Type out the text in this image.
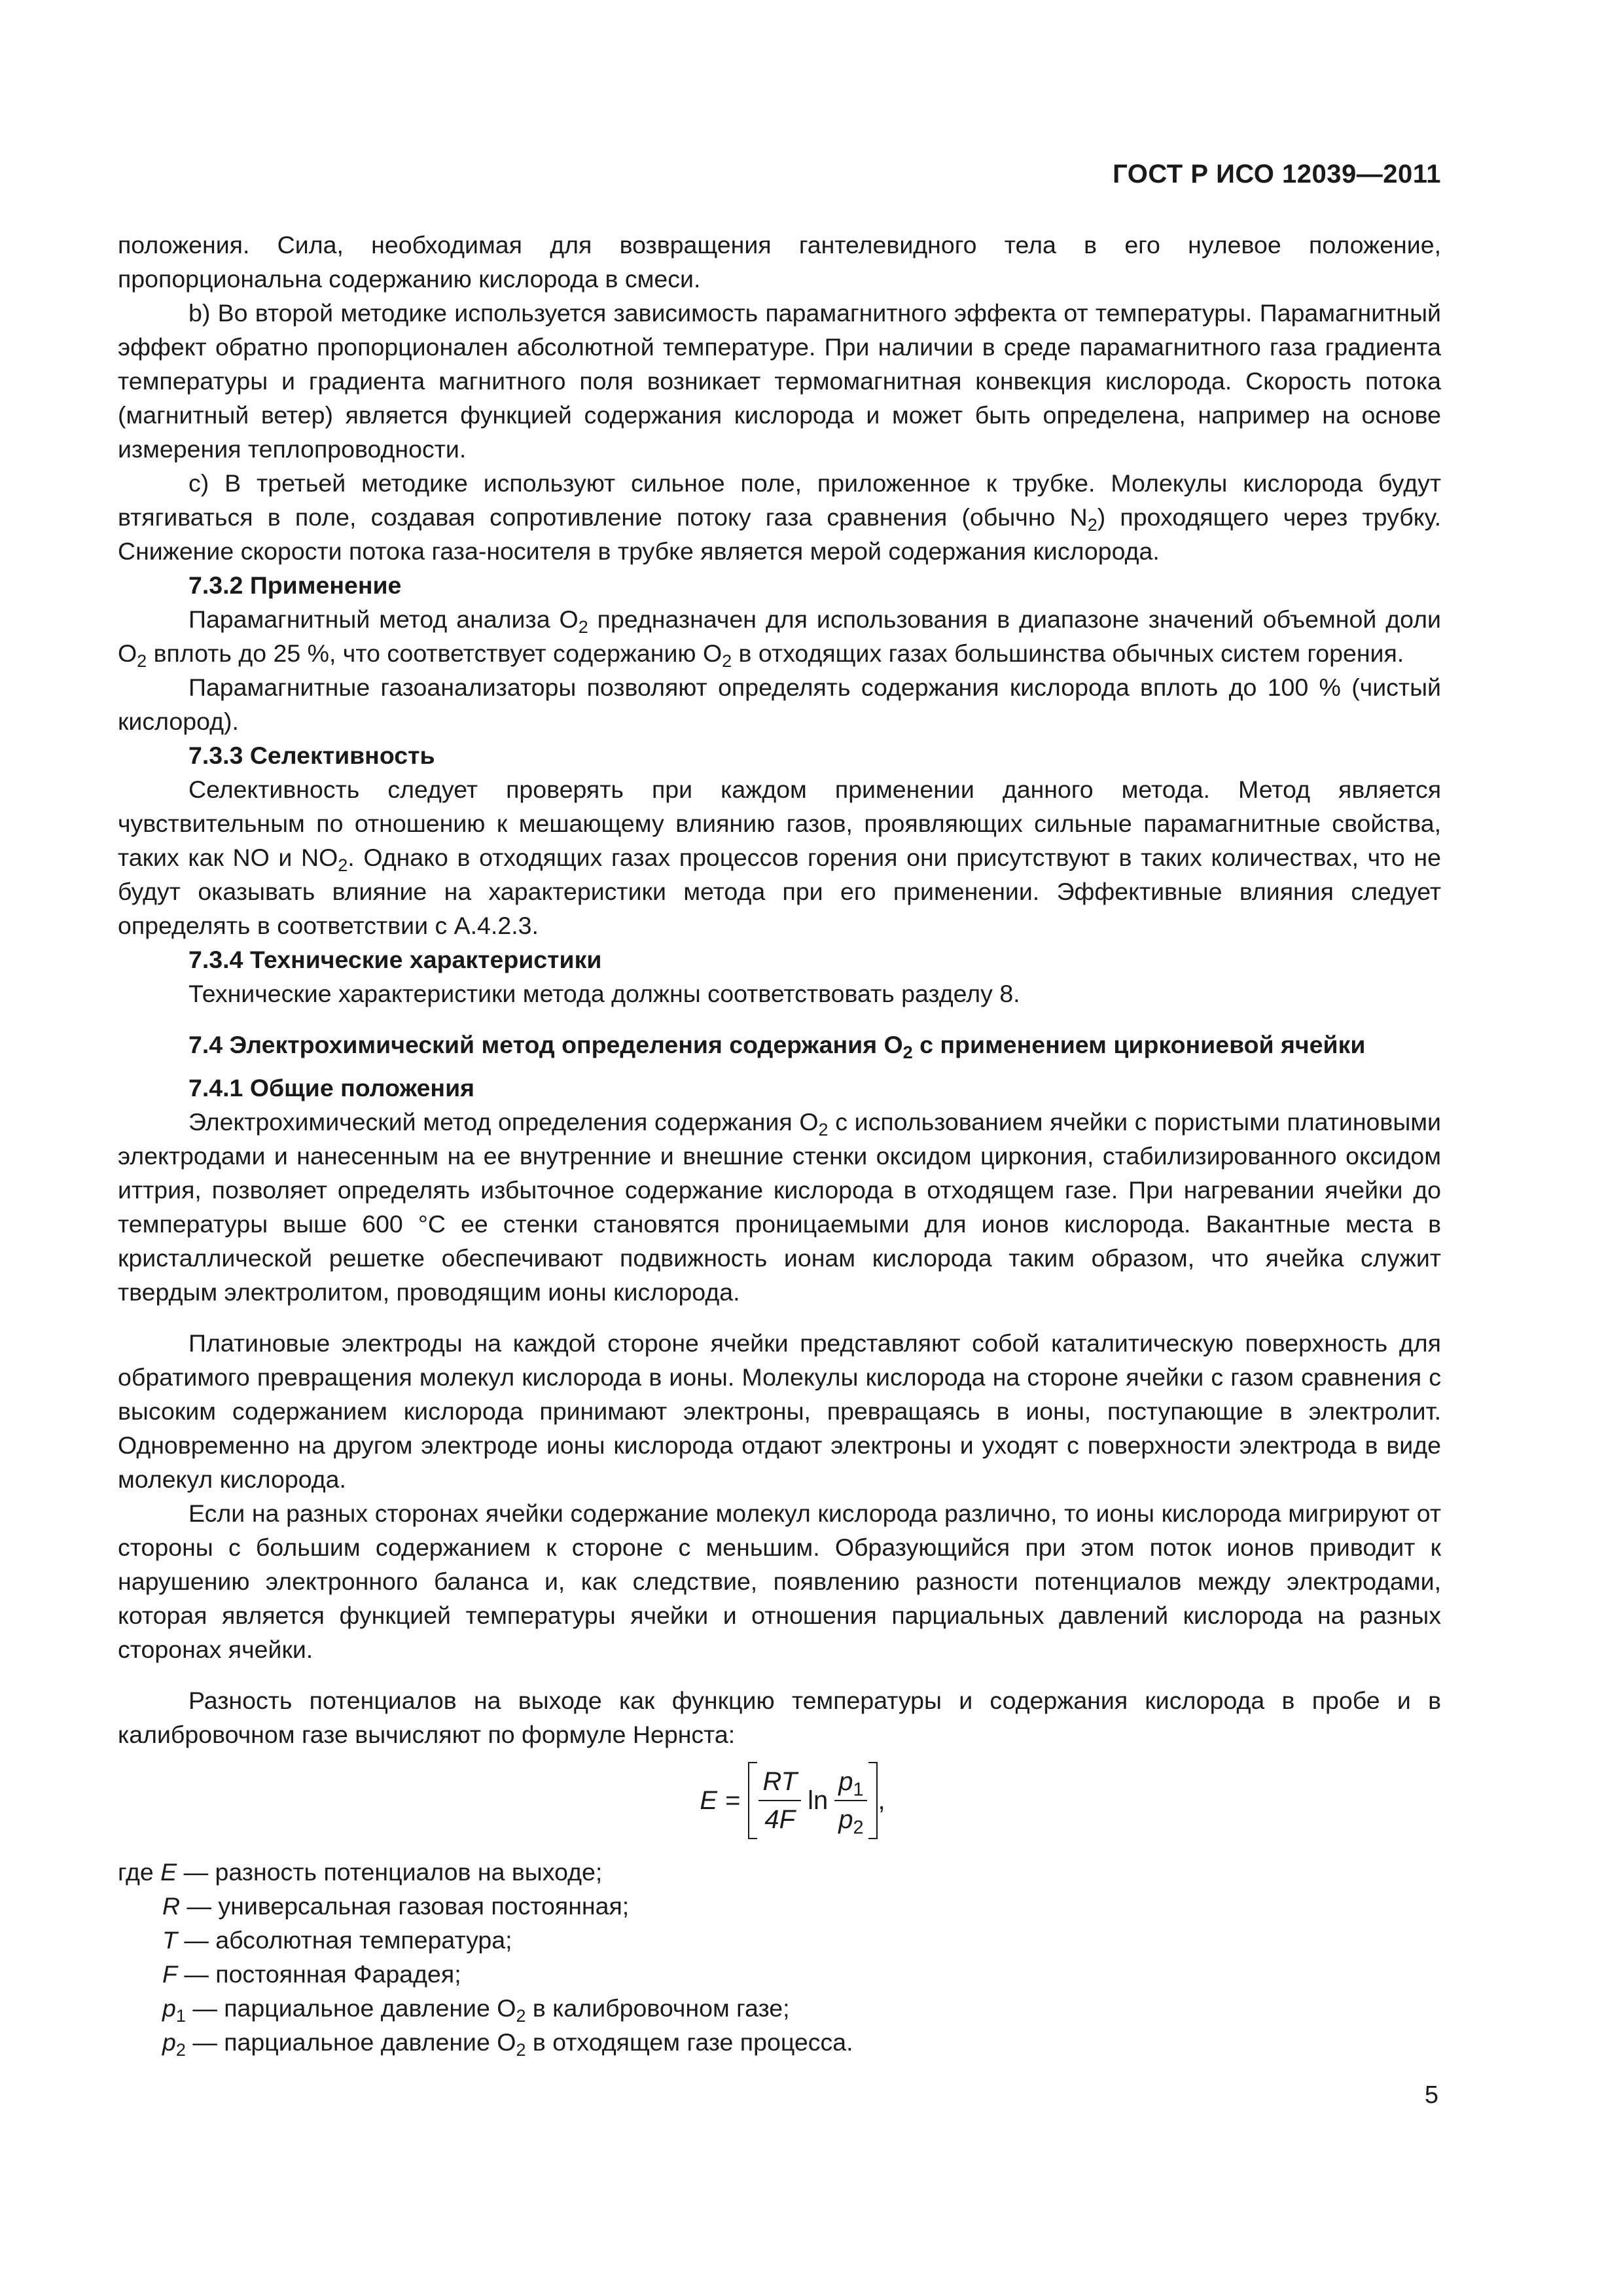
ГОСТ Р ИСО 12039—2011

положения. Сила, необходимая для возвращения гантелевидного тела в его нулевое положение, пропорциональна содержанию кислорода в смеси.

b) Во второй методике используется зависимость парамагнитного эффекта от температуры. Парамагнитный эффект обратно пропорционален абсолютной температуре. При наличии в среде парамагнитного газа градиента температуры и градиента магнитного поля возникает термомагнитная конвекция кислорода. Скорость потока (магнитный ветер) является функцией содержания кислорода и может быть определена, например на основе измерения теплопроводности.

c) В третьей методике используют сильное поле, приложенное к трубке. Молекулы кислорода будут втягиваться в поле, создавая сопротивление потоку газа сравнения (обычно $N_2$) проходящего через трубку. Снижение скорости потока газа-носителя в трубке является мерой содержания кислорода.

7.3.2 Применение

Парамагнитный метод анализа $O_2$ предназначен для использования в диапазоне значений объемной доли $O_2$ вплоть до 25 %, что соответствует содержанию $O_2$ в отходящих газах большинства обычных систем горения.

Парамагнитные газоанализаторы позволяют определять содержания кислорода вплоть до 100 % (чистый кислород).

7.3.3 Селективность

Селективность следует проверять при каждом применении данного метода. Метод является чувствительным по отношению к мешающему влиянию газов, проявляющих сильные парамагнитные свойства, таких как NO и $NO_2$. Однако в отходящих газах процессов горения они присутствуют в таких количествах, что не будут оказывать влияние на характеристики метода при его применении. Эффективные влияния следует определять в соответствии с А.4.2.3.

7.3.4 Технические характеристики

Технические характеристики метода должны соответствовать разделу 8.

7.4 Электрохимический метод определения содержания $O_2$ с применением циркониевой ячейки
7.4.1 Общие положения

Электрохимический метод определения содержания $O_2$ с использованием ячейки с пористыми платиновыми электродами и нанесенным на ее внутренние и внешние стенки оксидом циркония, стабилизированного оксидом иттрия, позволяет определять избыточное содержание кислорода в отходящем газе. При нагревании ячейки до температуры выше 600 °C ее стенки становятся проницаемыми для ионов кислорода. Вакантные места в кристаллической решетке обеспечивают подвижность ионам кислорода таким образом, что ячейка служит твердым электролитом, проводящим ионы кислорода.

Платиновые электроды на каждой стороне ячейки представляют собой каталитическую поверхность для обратимого превращения молекул кислорода в ионы. Молекулы кислорода на стороне ячейки с газом сравнения с высоким содержанием кислорода принимают электроны, превращаясь в ионы, поступающие в электролит. Одновременно на другом электроде ионы кислорода отдают электроны и уходят с поверхности электрода в виде молекул кислорода.

Если на разных сторонах ячейки содержание молекул кислорода различно, то ионы кислорода мигрируют от стороны с большим содержанием к стороне с меньшим. Образующийся при этом поток ионов приводит к нарушению электронного баланса и, как следствие, появлению разности потенциалов между электродами, которая является функцией температуры ячейки и отношения парциальных давлений кислорода на разных сторонах ячейки.

Разность потенциалов на выходе как функцию температуры и содержания кислорода в пробе и в калибровочном газе вычисляют по формуле Нернста:

$E = \frac{RT}{4F}$ $\ln \frac{p_1}{p_2}$ ,
где E — разность потенциалов на выходе;
R — универсальная газовая постоянная;
T — абсолютная температура;
F — постоянная Фарадея;
$p_1$ — парциальное давление $O_2$ в калибровочном газе;
$p_2$ — парциальное давление $O_2$ в отходящем газе процесса.
5
